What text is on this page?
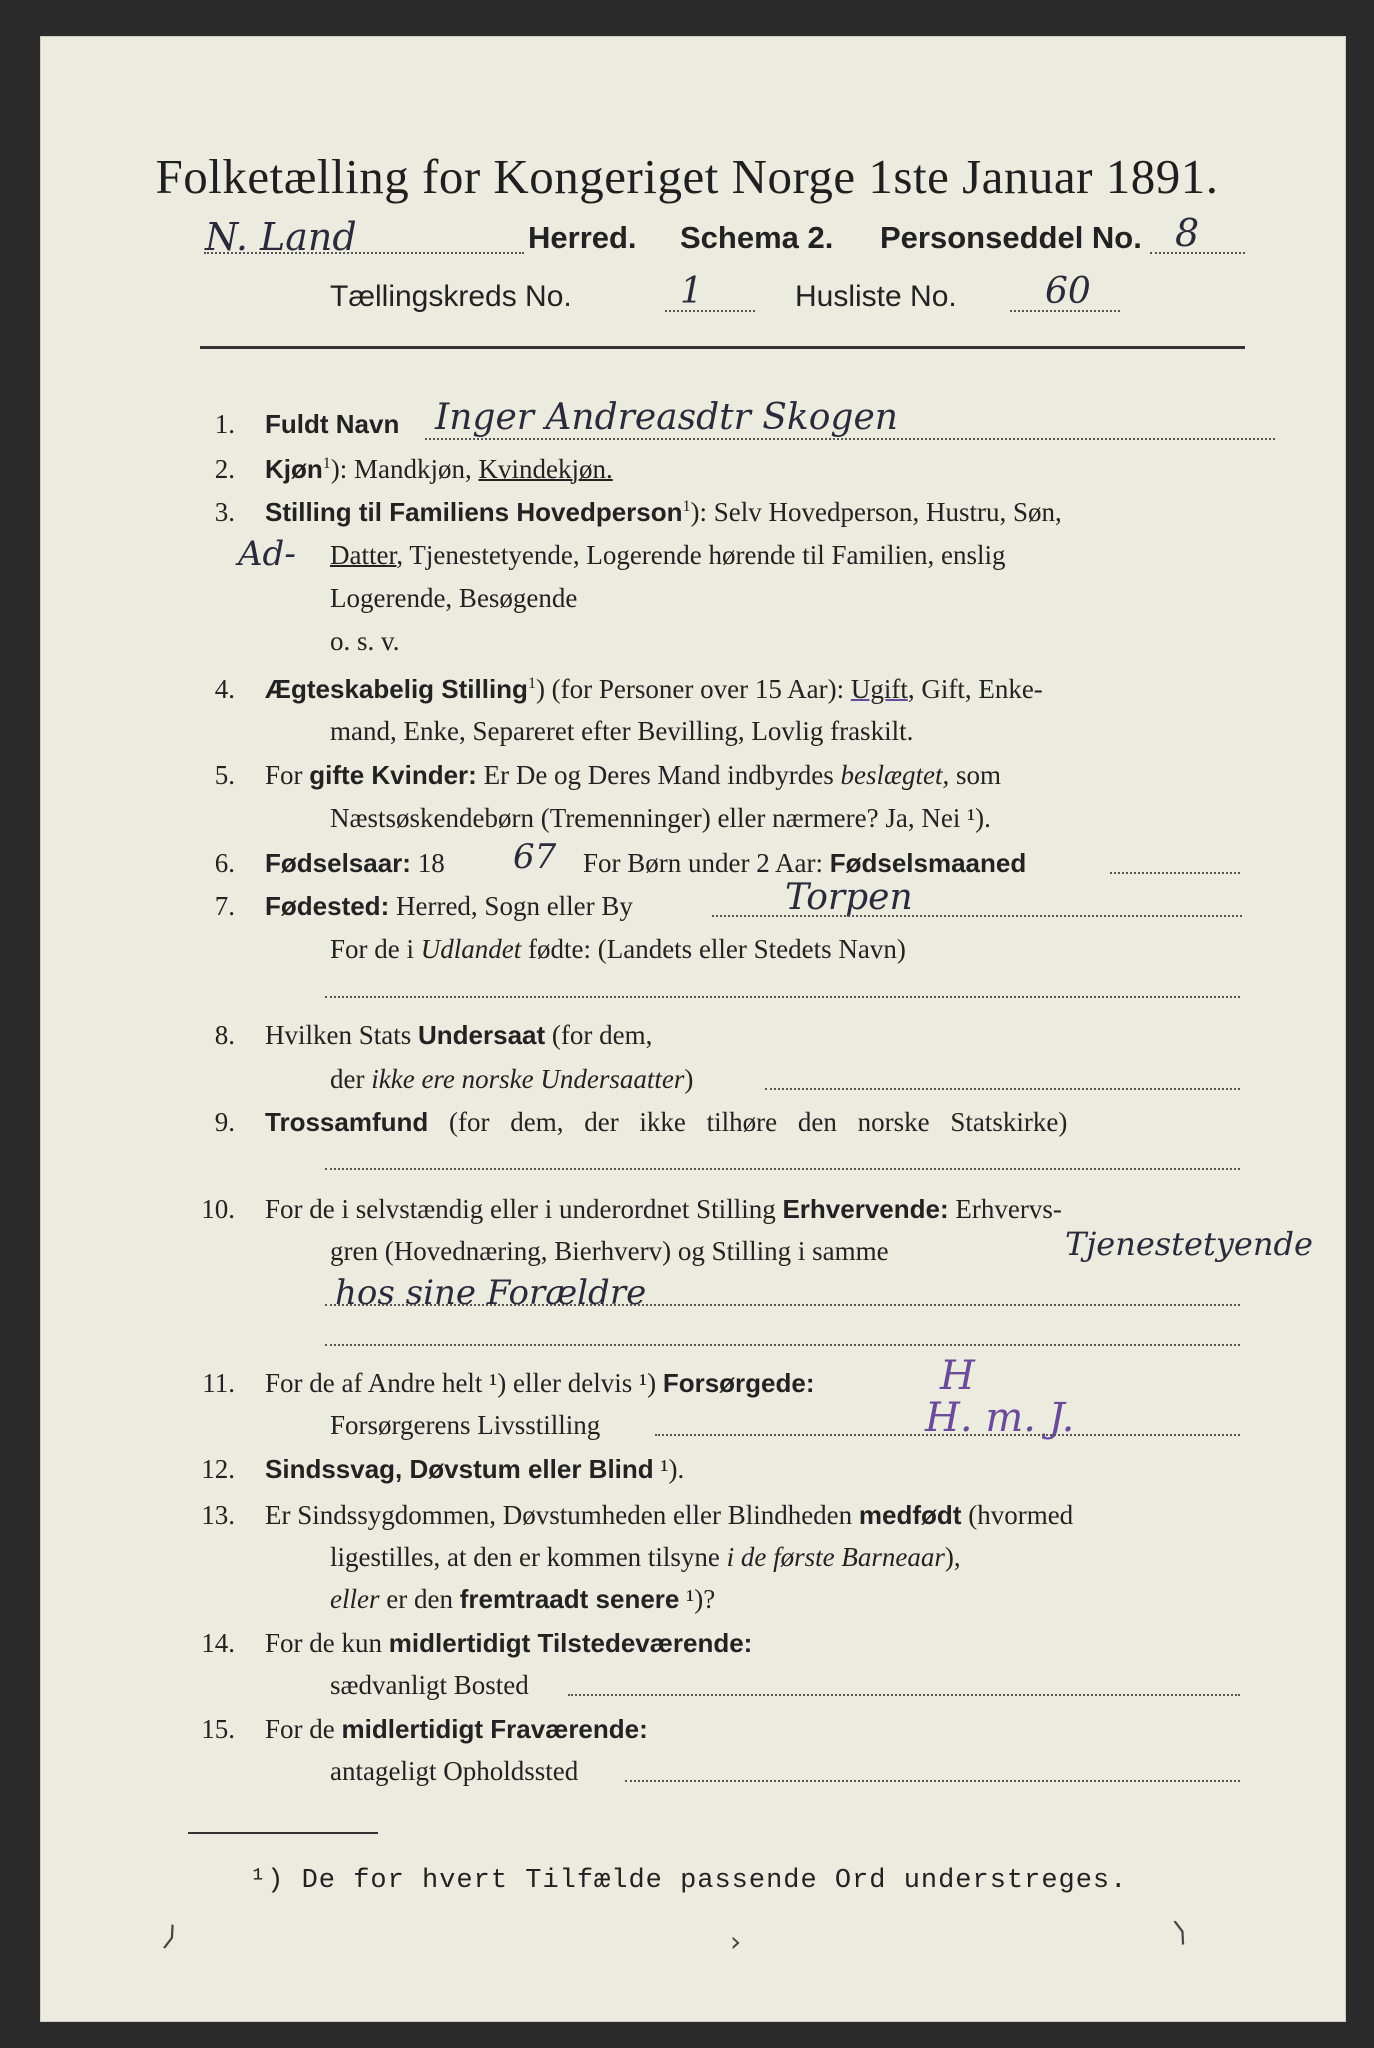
Folketælling for Kongeriget Norge 1ste Januar 1891.
N. Land	Herred. Schema 2. Personseddel No. 8
Tællingskreds No.	1	Husliste No. 60
1. Fuldt Navn Inger Andreasdtr Skogen
2. Kjøn$^1$): Mandkjøn, Kvindekjøn.
3. Stilling til Familiens Hovedperson$^1$): Selv Hovedperson, Hustru, Søn,
Ad- Datter, Tjenestetyende, Logerende hørende til Familien, enslig
Logerende, Besøgende
o. s. v.
4. Ægteskabelig Stilling$^1$) (for Personer over 15 Aar): Ugift, Gift, Enke-
mand, Enke, Separeret efter Bevilling, Lovlig fraskilt.
5. For gifte Kvinder: Er De og Deres Mand indbyrdes beslægtet, som
Næstsøskendebørn (Tremenninger) eller nærmere? Ja, Nei ¹).
6. Fødselsaar: 18 67 For Børn under 2 Aar: Fødselsmaaned
7. Fødested: Herred, Sogn eller By	Torpen
For de i Udlandet fødte: (Landets eller Stedets Navn)
8. Hvilken Stats Undersaat (for dem,
der ikke ere norske Undersaatter)
9. Trossamfund (for dem, der ikke tilhøre den norske Statskirke)
10. For de i selvstændig eller i underordnet Stilling Erhvervende: Erhvervs-
gren (Hovednæring, Bierhverv) og Stilling i samme	Tjenestetyende
hos sine Forældre
11. For de af Andre helt ¹) eller delvis ¹) Forsørgede:	H
Forsørgerens Livsstilling	H. m. J.
12. Sindssvag, Døvstum eller Blind ¹).
13. Er Sindssygdommen, Døvstumheden eller Blindheden medfødt (hvormed
ligestilles, at den er kommen tilsyne i de første Barneaar),
eller er den fremtraadt senere ¹)?
14. For de kun midlertidigt Tilstedeværende:
sædvanligt Bosted
15. For de midlertidigt Fraværende:
antageligt Opholdssted
¹) De for hvert Tilfælde passende Ord understreges.
⟩	›	⟩
